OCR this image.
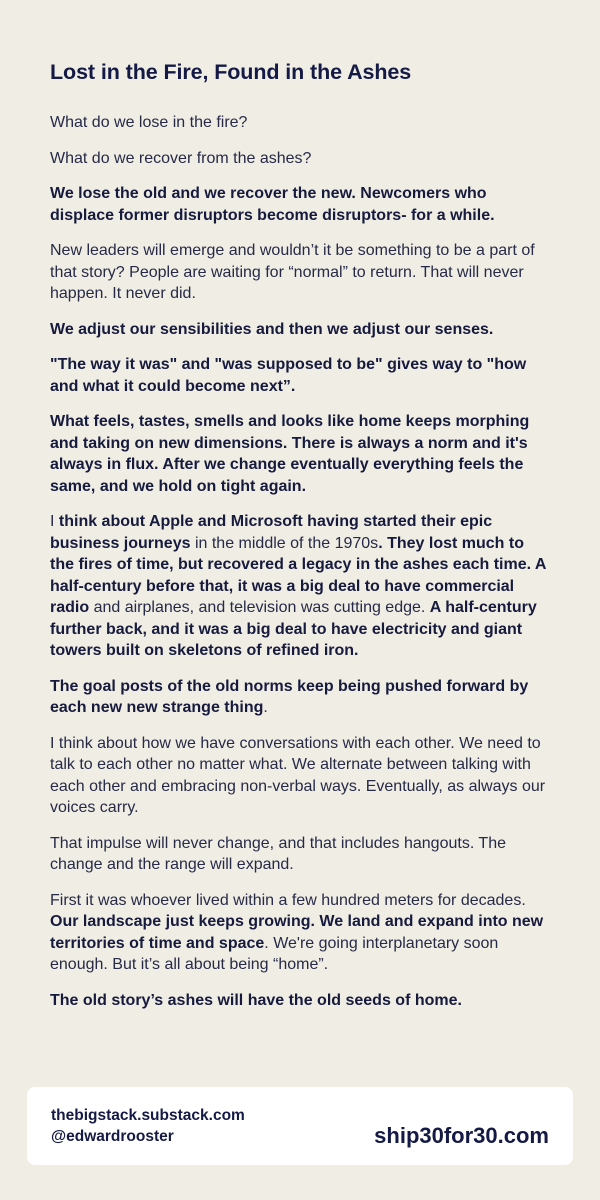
Lost in the Fire, Found in the Ashes

What do we lose in the fire?

What do we recover from the ashes?

We lose the old and we recover the new. Newcomers who displace former disruptors become disruptors- for a while.

New leaders will emerge and wouldn’t it be something to be a part of that story? People are waiting for “normal” to return. That will never happen. It never did.

We adjust our sensibilities and then we adjust our senses.

"The way it was" and "was supposed to be" gives way to "how and what it could become next”.

What feels, tastes, smells and looks like home keeps morphing and taking on new dimensions. There is always a norm and it's always in flux. After we change eventually everything feels the same, and we hold on tight again.

I think about Apple and Microsoft having started their epic business journeys in the middle of the 1970s. They lost much to the fires of time, but recovered a legacy in the ashes each time. A half-century before that, it was a big deal to have commercial radio and airplanes, and television was cutting edge. A half-century further back, and it was a big deal to have electricity and giant towers built on skeletons of refined iron.

The goal posts of the old norms keep being pushed forward by each new new strange thing.

I think about how we have conversations with each other. We need to talk to each other no matter what. We alternate between talking with each other and embracing non-verbal ways. Eventually, as always our voices carry.

That impulse will never change, and that includes hangouts. The change and the range will expand.

First it was whoever lived within a few hundred meters for decades. Our landscape just keeps growing. We land and expand into new territories of time and space. We're going interplanetary soon enough. But it’s all about being “home”.

The old story’s ashes will have the old seeds of home.

thebigstack.substack.com
@edwardrooster	ship30for30.com
